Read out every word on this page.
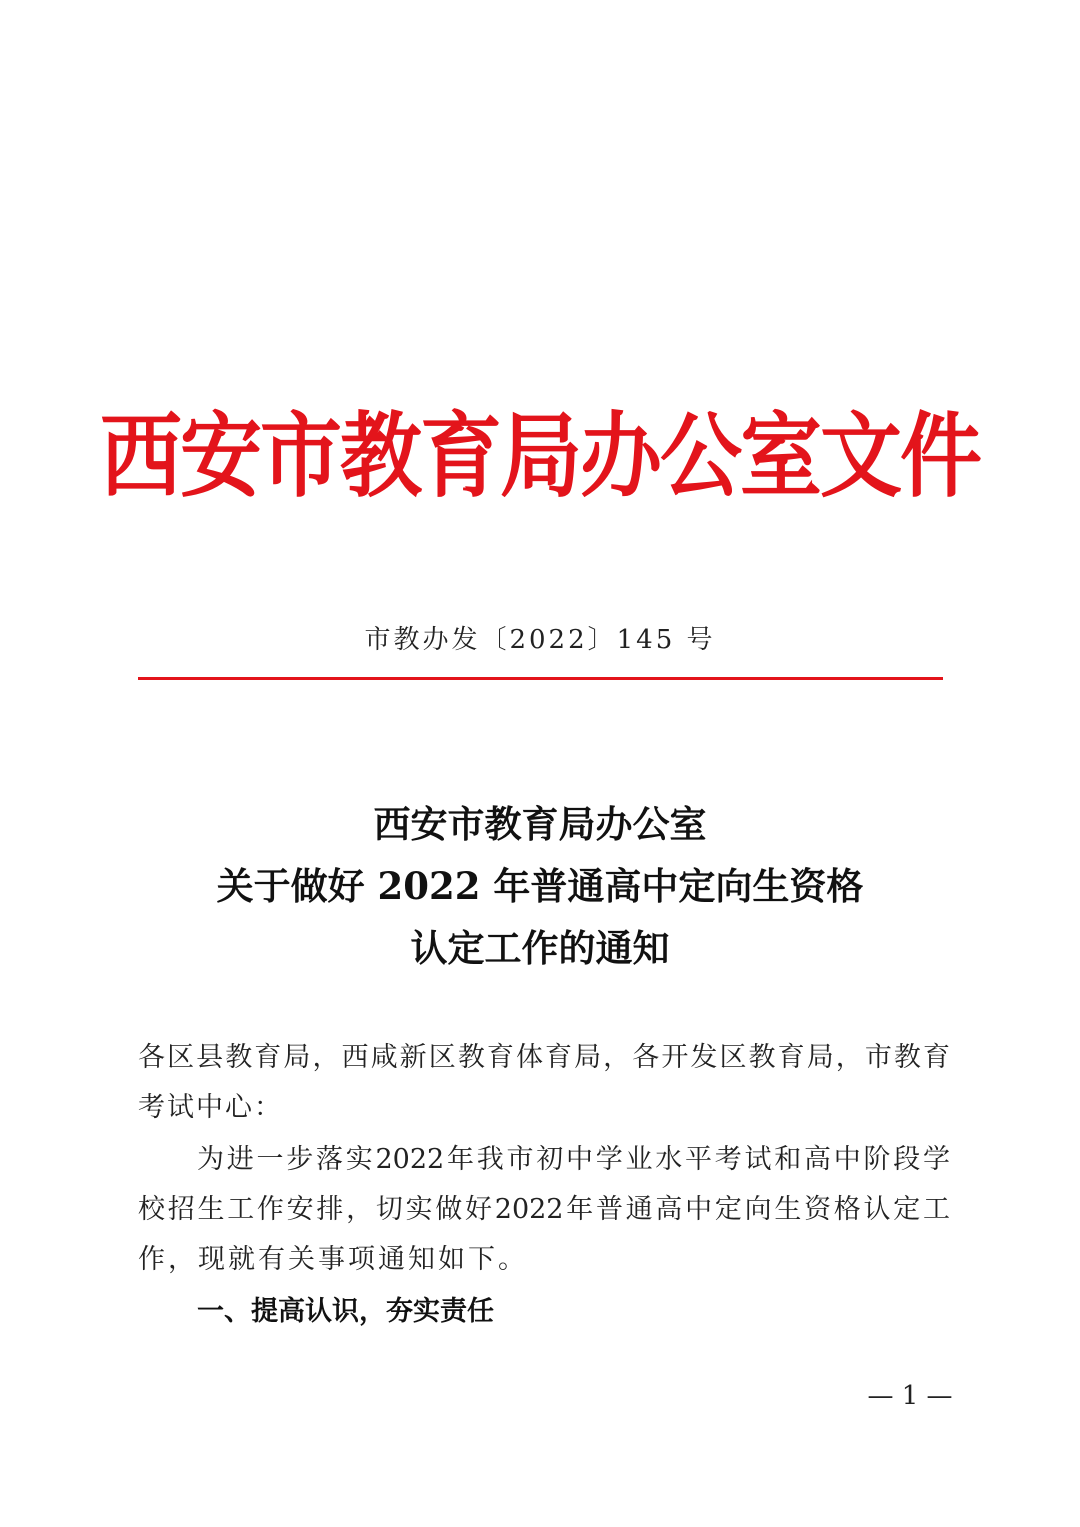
西安市教育局办公室文件
市教办发〔2022〕145 号
西安市教育局办公室
关于做好 2022 年普通高中定向生资格
认定工作的通知
各区县教育局，西咸新区教育体育局，各开发区教育局，市教育
考试中心：
为进一步落实2022年我市初中学业水平考试和高中阶段学
校招生工作安排，切实做好2022年普通高中定向生资格认定工
作，现就有关事项通知如下。
一、提高认识，夯实责任
— 1 —
